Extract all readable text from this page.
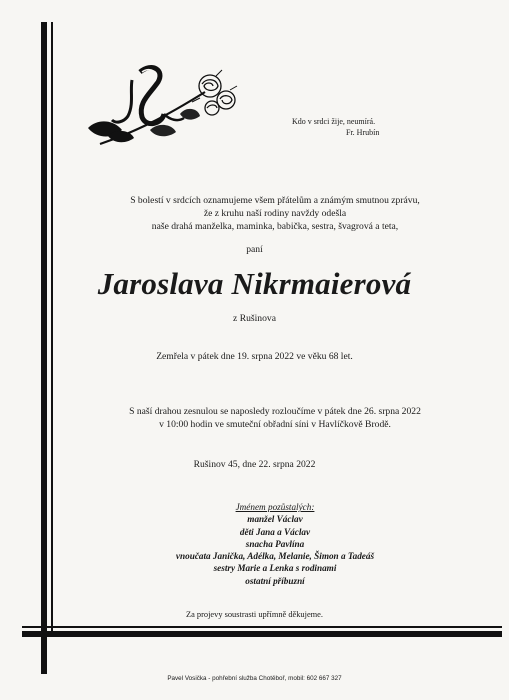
Kdo v srdci žije, neumírá.
Fr. Hrubín
S bolestí v srdcích oznamujeme všem přátelům a známým smutnou zprávu,
že z kruhu naší rodiny navždy odešla
naše drahá manželka, maminka, babička, sestra, švagrová a teta,
paní
Jaroslava Nikrmaierová
z Rušinova
Zemřela v pátek dne 19. srpna 2022 ve věku 68 let.
S naší drahou zesnulou se naposledy rozloučíme v pátek dne 26. srpna 2022
v 10:00 hodin ve smuteční obřadní síni v Havlíčkově Brodě.
Rušinov 45, dne 22. srpna 2022
Jménem pozůstalých:
manžel Václav
děti Jana a Václav
snacha Pavlína
vnoučata Janička, Adélka, Melanie, Šimon a Tadeáš
sestry Marie a Lenka s rodinami
ostatní příbuzní
Za projevy soustrasti upřímně děkujeme.
Pavel Vosička - pohřební služba Chotěboř, mobil: 602 667 327
